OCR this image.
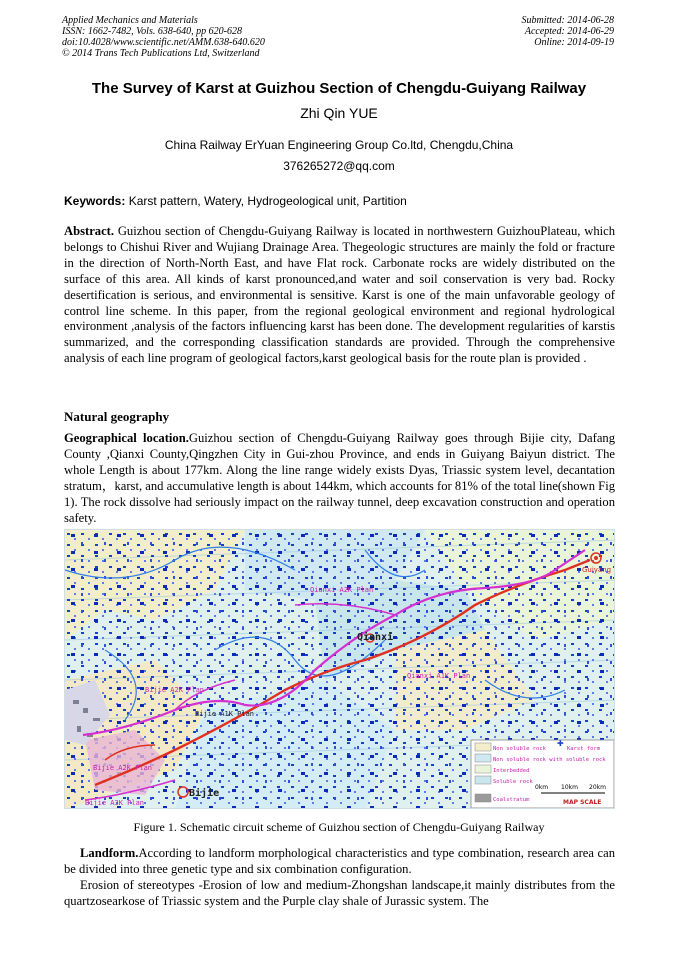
Applied Mechanics and Materials
ISSN: 1662-7482, Vols. 638-640, pp 620-628
doi:10.4028/www.scientific.net/AMM.638-640.620
© 2014 Trans Tech Publications Ltd, Switzerland
Submitted: 2014-06-28
Accepted: 2014-06-29
Online: 2014-09-19
The Survey of Karst at Guizhou Section of Chengdu-Guiyang Railway
Zhi Qin YUE
China Railway ErYuan Engineering Group Co.ltd, Chengdu,China
376265272@qq.com
Keywords: Karst pattern, Watery, Hydrogeological unit, Partition
Abstract. Guizhou section of Chengdu-Guiyang Railway is located in northwestern GuizhouPlateau, which belongs to Chishui River and Wujiang Drainage Area. Thegeologic structures are mainly the fold or fracture in the direction of North-North East, and have Flat rock. Carbonate rocks are widely distributed on the surface of this area. All kinds of karst pronounced,and water and soil conservation is very bad. Rocky desertification is serious, and environmental is sensitive. Karst is one of the main unfavorable geology of control line scheme. In this paper, from the regional geological environment and regional hydrological environment ,analysis of the factors influencing karst has been done. The development regularities of karstis summarized, and the corresponding classification standards are provided. Through the comprehensive analysis of each line program of geological factors,karst geological basis for the route plan is provided .
Natural geography
Geographical location.Guizhou section of Chengdu-Guiyang Railway goes through Bijie city, Dafang County ,Qianxi County,Qingzhen City in Gui-zhou Province, and ends in Guiyang Baiyun district. The whole Length is about 177km. Along the line range widely exists Dyas, Triassic system level, decantation stratum，karst, and accumulative length is about 144km, which accounts for 81% of the total line(shown Fig 1). The rock dissolve had seriously impact on the railway tunnel, deep excavation construction and operation safety.
Qianxi A2K Plan
Qianxi A1K Plan
Bijie A2K Plan
Bijie A1K Plan
Bijie A2K Plan
Bijie A3K Plan
Guiyang
Qianxi
Bijie
Non soluble rock
✚
Karst form
Non soluble rock with soluble rock
Interbedded
Soluble rock
Coalstratum
0km 10km 20km
MAP SCALE
Figure 1. Schematic circuit scheme of Guizhou section of Chengdu-Guiyang Railway
Landform.According to landform morphological characteristics and type combination, research area can be divided into three genetic type and six combination configuration.
Erosion of stereotypes -Erosion of low and medium-Zhongshan landscape,it mainly distributes from the quartzosearkose of Triassic system and the Purple clay shale of Jurassic system. The
